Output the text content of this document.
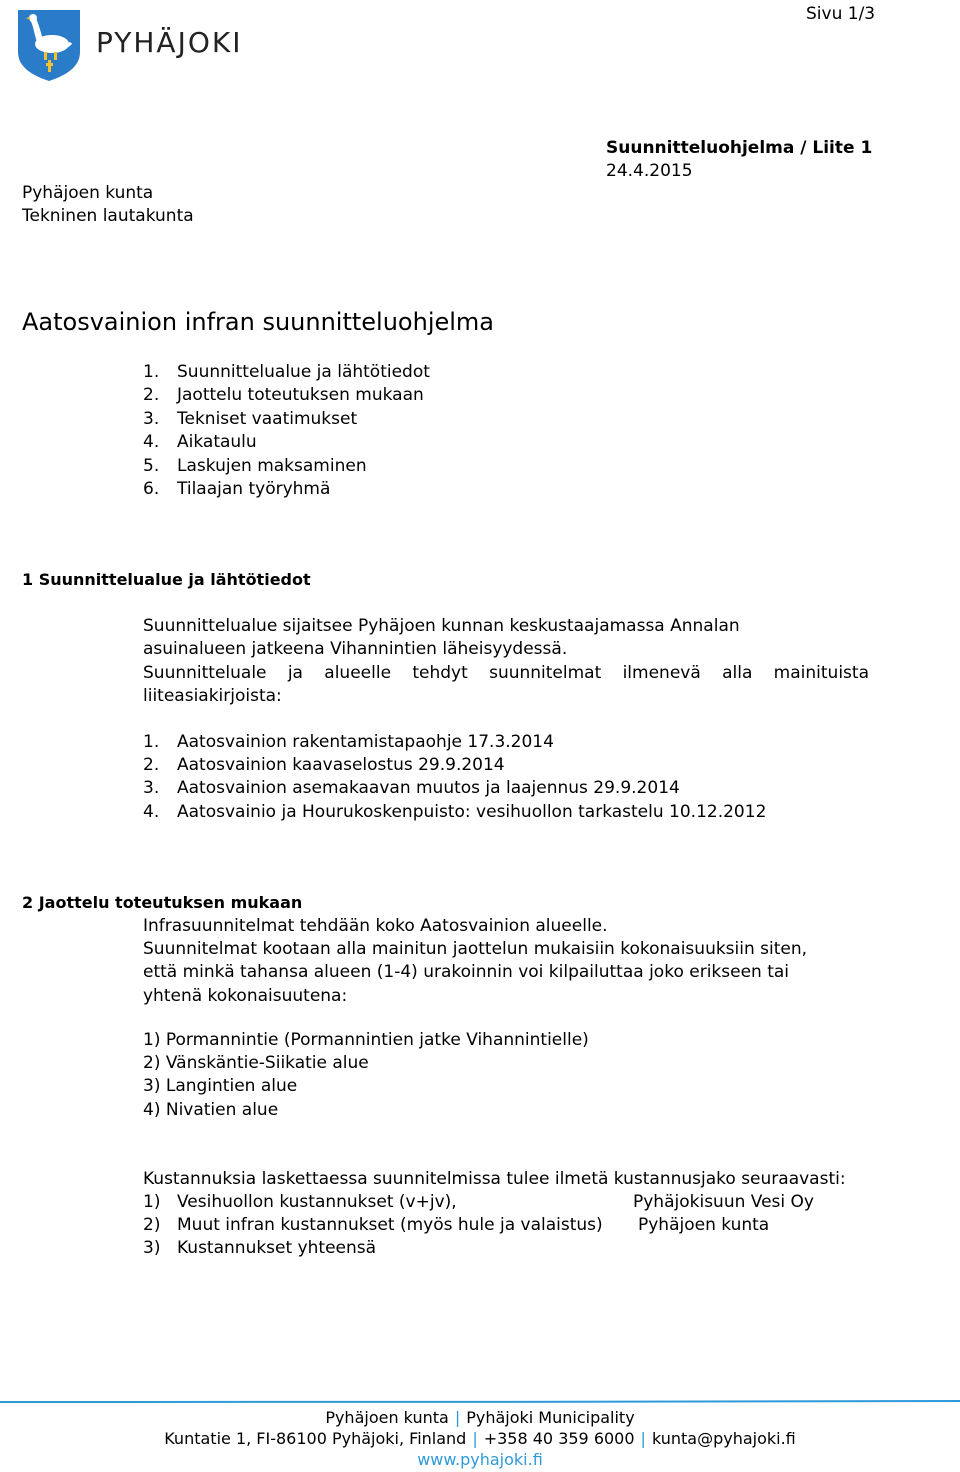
PYHÄJOKI
Sivu 1/3
Suunnitteluohjelma / Liite 1
24.4.2015
Pyhäjoen kunta
Tekninen lautakunta
Aatosvainion infran suunnitteluohjelma
1. Suunnittelualue ja lähtötiedot
2. Jaottelu toteutuksen mukaan
3. Tekniset vaatimukset
4. Aikataulu
5. Laskujen maksaminen
6. Tilaajan työryhmä
1 Suunnittelualue ja lähtötiedot
Suunnittelualue sijaitsee Pyhäjoen kunnan keskustaajamassa Annalan asuinalueen jatkeena Vihannintien läheisyydessä.
Suunnitteluale ja alueelle tehdyt suunnitelmat ilmenevä alla mainituista liiteasiakirjoista:
1. Aatosvainion rakentamistapaohje 17.3.2014
2. Aatosvainion kaavaselostus 29.9.2014
3. Aatosvainion asemakaavan muutos ja laajennus 29.9.2014
4. Aatosvainio ja Hourukoskenpuisto: vesihuollon tarkastelu 10.12.2012
2 Jaottelu toteutuksen mukaan
Infrasuunnitelmat tehdään koko Aatosvainion alueelle.
Suunnitelmat kootaan alla mainitun jaottelun mukaisiin kokonaisuuksiin siten, että minkä tahansa alueen (1-4) urakoinnin voi kilpailuttaa joko erikseen tai yhtenä kokonaisuutena:
1) Pormannintie (Pormannintien jatke Vihannintielle)
2) Vänskäntie-Siikatie alue
3) Langintien alue
4) Nivatien alue
Kustannuksia laskettaessa suunnitelmissa tulee ilmetä kustannusjako seuraavasti:
1) Vesihuollon kustannukset (v+jv),	Pyhäjokisuun Vesi Oy
2) Muut infran kustannukset (myös hule ja valaistus) Pyhäjoen kunta
3) Kustannukset yhteensä
Pyhäjoen kunta | Pyhäjoki Municipality
Kuntatie 1, FI-86100 Pyhäjoki, Finland | +358 40 359 6000 | kunta@pyhajoki.fi
www.pyhajoki.fi
